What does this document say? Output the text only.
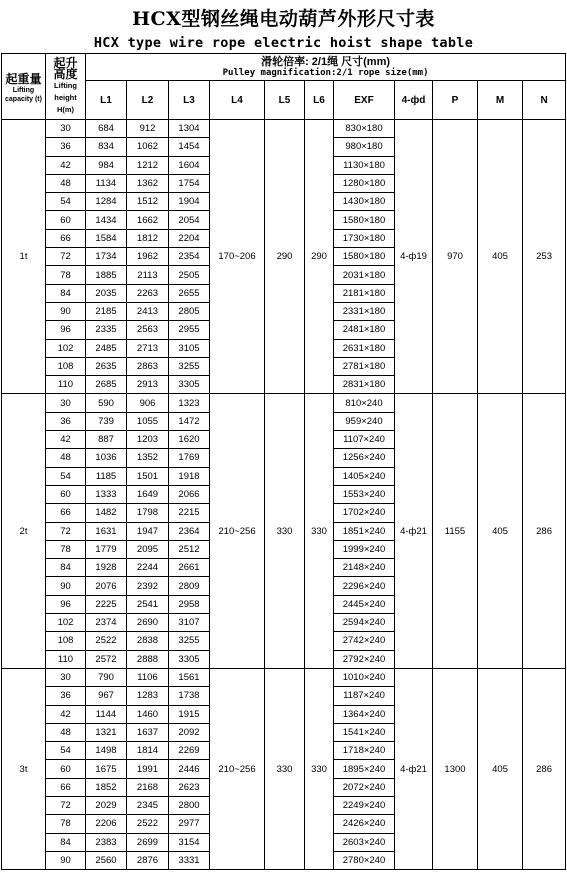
HCX型钢丝绳电动葫芦外形尺寸表
HCX type wire rope electric hoist shape table
起重量
Lifting capacity (t)	起升高度
Lifting height
H(m)	滑轮倍率: 2/1绳 尺寸(mm)
Pulley magnification:2/1 rope size(mm)										

		L1	L2	L3	L4	L5	L6	EXF	4-фd	P	M	N
1t	30	684	912	1304	170~206	290	290	830×180	4-ф19	970	405	253
	36	834	1062	1454				980×180				
	42	984	1212	1604				1130×180				
	48	1134	1362	1754				1280×180				
	54	1284	1512	1904				1430×180				
	60	1434	1662	2054				1580×180				
	66	1584	1812	2204				1730×180				
	72	1734	1962	2354				1580×180				
	78	1885	2113	2505				2031×180				
	84	2035	2263	2655				2181×180				
	90	2185	2413	2805				2331×180				
	96	2335	2563	2955				2481×180				
	102	2485	2713	3105				2631×180				
	108	2635	2863	3255				2781×180				
	110	2685	2913	3305				2831×180				
2t	30	590	906	1323	210~256	330	330	810×240	4-ф21	1155	405	286
	36	739	1055	1472				959×240				
	42	887	1203	1620				1107×240				
	48	1036	1352	1769				1256×240				
	54	1185	1501	1918				1405×240				
	60	1333	1649	2066				1553×240				
	66	1482	1798	2215				1702×240				
	72	1631	1947	2364				1851×240				
	78	1779	2095	2512				1999×240				
	84	1928	2244	2661				2148×240				
	90	2076	2392	2809				2296×240				
	96	2225	2541	2958				2445×240				
	102	2374	2690	3107				2594×240				
	108	2522	2838	3255				2742×240				
	110	2572	2888	3305				2792×240				
3t	30	790	1106	1561	210~256	330	330	1010×240	4-ф21	1300	405	286
	36	967	1283	1738				1187×240				
	42	1144	1460	1915				1364×240				
	48	1321	1637	2092				1541×240				
	54	1498	1814	2269				1718×240				
	60	1675	1991	2446				1895×240				
	66	1852	2168	2623				2072×240				
	72	2029	2345	2800				2249×240				
	78	2206	2522	2977				2426×240				
	84	2383	2699	3154				2603×240				
	90	2560	2876	3331				2780×240				
